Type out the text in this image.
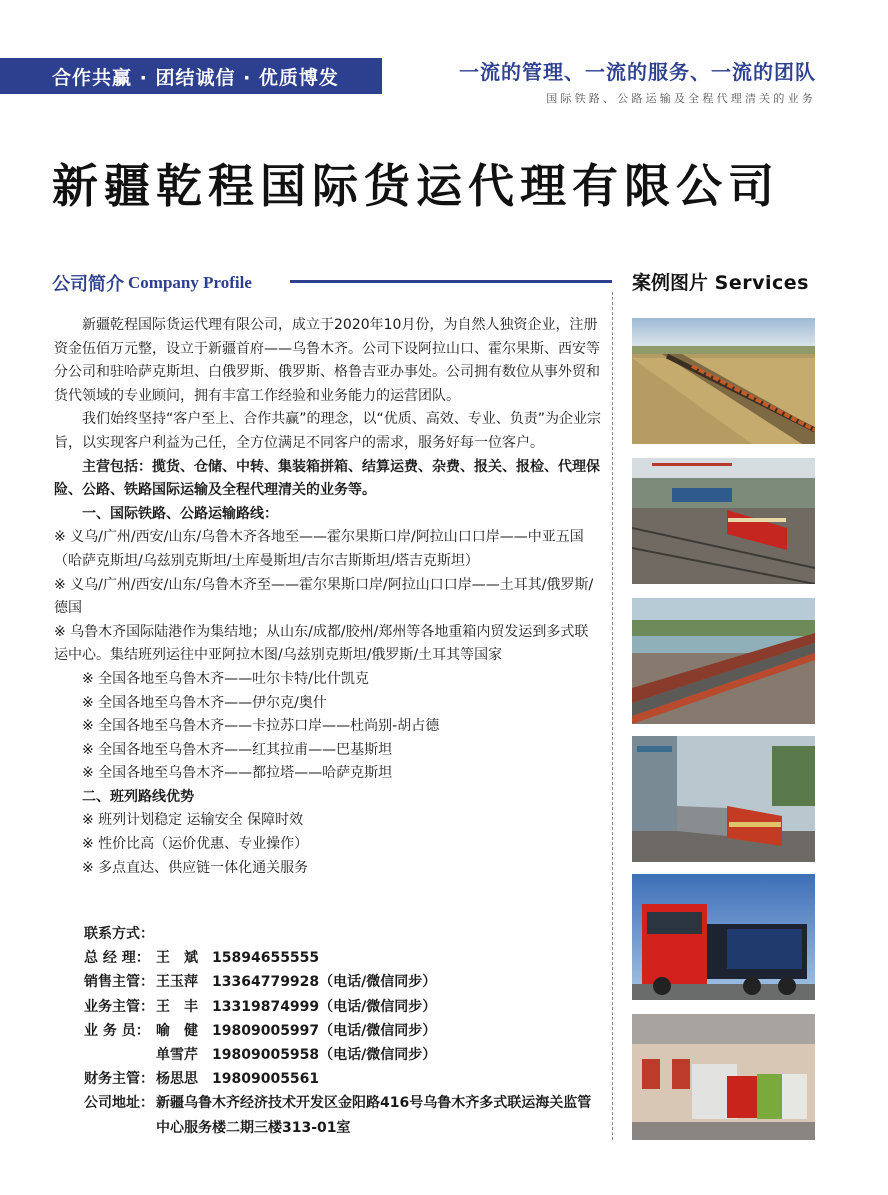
合作共赢 · 团结诚信 · 优质博发	一流的管理、一流的服务、一流的团队
国际铁路、公路运输及全程代理清关的业务
新疆乾程国际货运代理有限公司
公司简介 Company Profile	案例图片 Services

新疆乾程国际货运代理有限公司，成立于2020年10月份，为自然人独资企业，注册资金伍佰万元整，设立于新疆首府——乌鲁木齐。公司下设阿拉山口、霍尔果斯、西安等分公司和驻哈萨克斯坦、白俄罗斯、俄罗斯、格鲁吉亚办事处。公司拥有数位从事外贸和货代领域的专业顾问，拥有丰富工作经验和业务能力的运营团队。

我们始终坚持“客户至上、合作共赢”的理念，以“优质、高效、专业、负责”为企业宗旨，以实现客户利益为己任，全方位满足不同客户的需求，服务好每一位客户。

主营包括：揽货、仓储、中转、集装箱拼箱、结算运费、杂费、报关、报检、代理保险、公路、铁路国际运输及全程代理清关的业务等。

一、国际铁路、公路运输路线：

※ 义乌/广州/西安/山东/乌鲁木齐各地至——霍尔果斯口岸/阿拉山口口岸——中亚五国（哈萨克斯坦/乌兹别克斯坦/土库曼斯坦/吉尔吉斯斯坦/塔吉克斯坦）

※ 义乌/广州/西安/山东/乌鲁木齐至——霍尔果斯口岸/阿拉山口口岸——土耳其/俄罗斯/德国

※ 乌鲁木齐国际陆港作为集结地；从山东/成都/胶州/郑州等各地重箱内贸发运到多式联运中心。集结班列运往中亚阿拉木图/乌兹别克斯坦/俄罗斯/土耳其等国家

※ 全国各地至乌鲁木齐——吐尔卡特/比什凯克

※ 全国各地至乌鲁木齐——伊尔克/奥什

※ 全国各地至乌鲁木齐——卡拉苏口岸——杜尚别-胡占德

※ 全国各地至乌鲁木齐——红其拉甫——巴基斯坦

※ 全国各地至乌鲁木齐——都拉塔——哈萨克斯坦

二、班列路线优势

※ 班列计划稳定 运输安全 保障时效

※ 性价比高（运价优惠、专业操作）

※ 多点直达、供应链一体化通关服务

联系方式：
总 经 理： 王　斌　15894655555
销售主管： 王玉萍　13364779928（电话/微信同步）
业务主管： 王　丰　13319874999（电话/微信同步）
业 务 员： 喻　健　19809005997（电话/微信同步）
单雪芹　19809005958（电话/微信同步）
财务主管： 杨思思　19809005561
公司地址： 新疆乌鲁木齐经济技术开发区金阳路416号乌鲁木齐多式联运海关监管中心服务楼二期三楼313-01室
